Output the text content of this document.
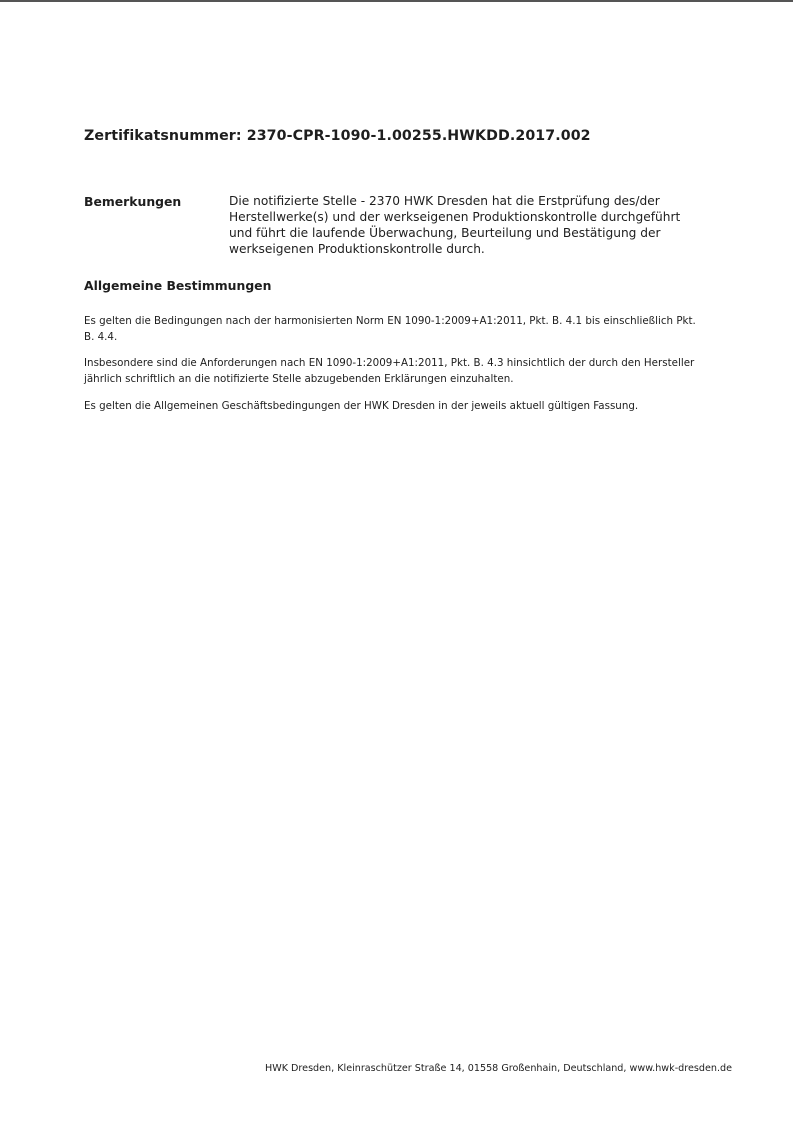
Zertifikatsnummer: 2370-CPR-1090-1.00255.HWKDD.2017.002
Bemerkungen	Die notifizierte Stelle - 2370 HWK Dresden hat die Erstprüfung des/der Herstellwerke(s) und der werkseigenen Produktionskontrolle durchgeführt und führt die laufende Überwachung, Beurteilung und Bestätigung der werkseigenen Produktionskontrolle durch.

Allgemeine Bestimmungen

Es gelten die Bedingungen nach der harmonisierten Norm EN 1090-1:2009+A1:2011, Pkt. B. 4.1 bis einschließlich Pkt. B. 4.4.

Insbesondere sind die Anforderungen nach EN 1090-1:2009+A1:2011, Pkt. B. 4.3 hinsichtlich der durch den Hersteller jährlich schriftlich an die notifizierte Stelle abzugebenden Erklärungen einzuhalten.

Es gelten die Allgemeinen Geschäftsbedingungen der HWK Dresden in der jeweils aktuell gültigen Fassung.

HWK Dresden, Kleinraschützer Straße 14, 01558 Großenhain, Deutschland, www.hwk-dresden.de
